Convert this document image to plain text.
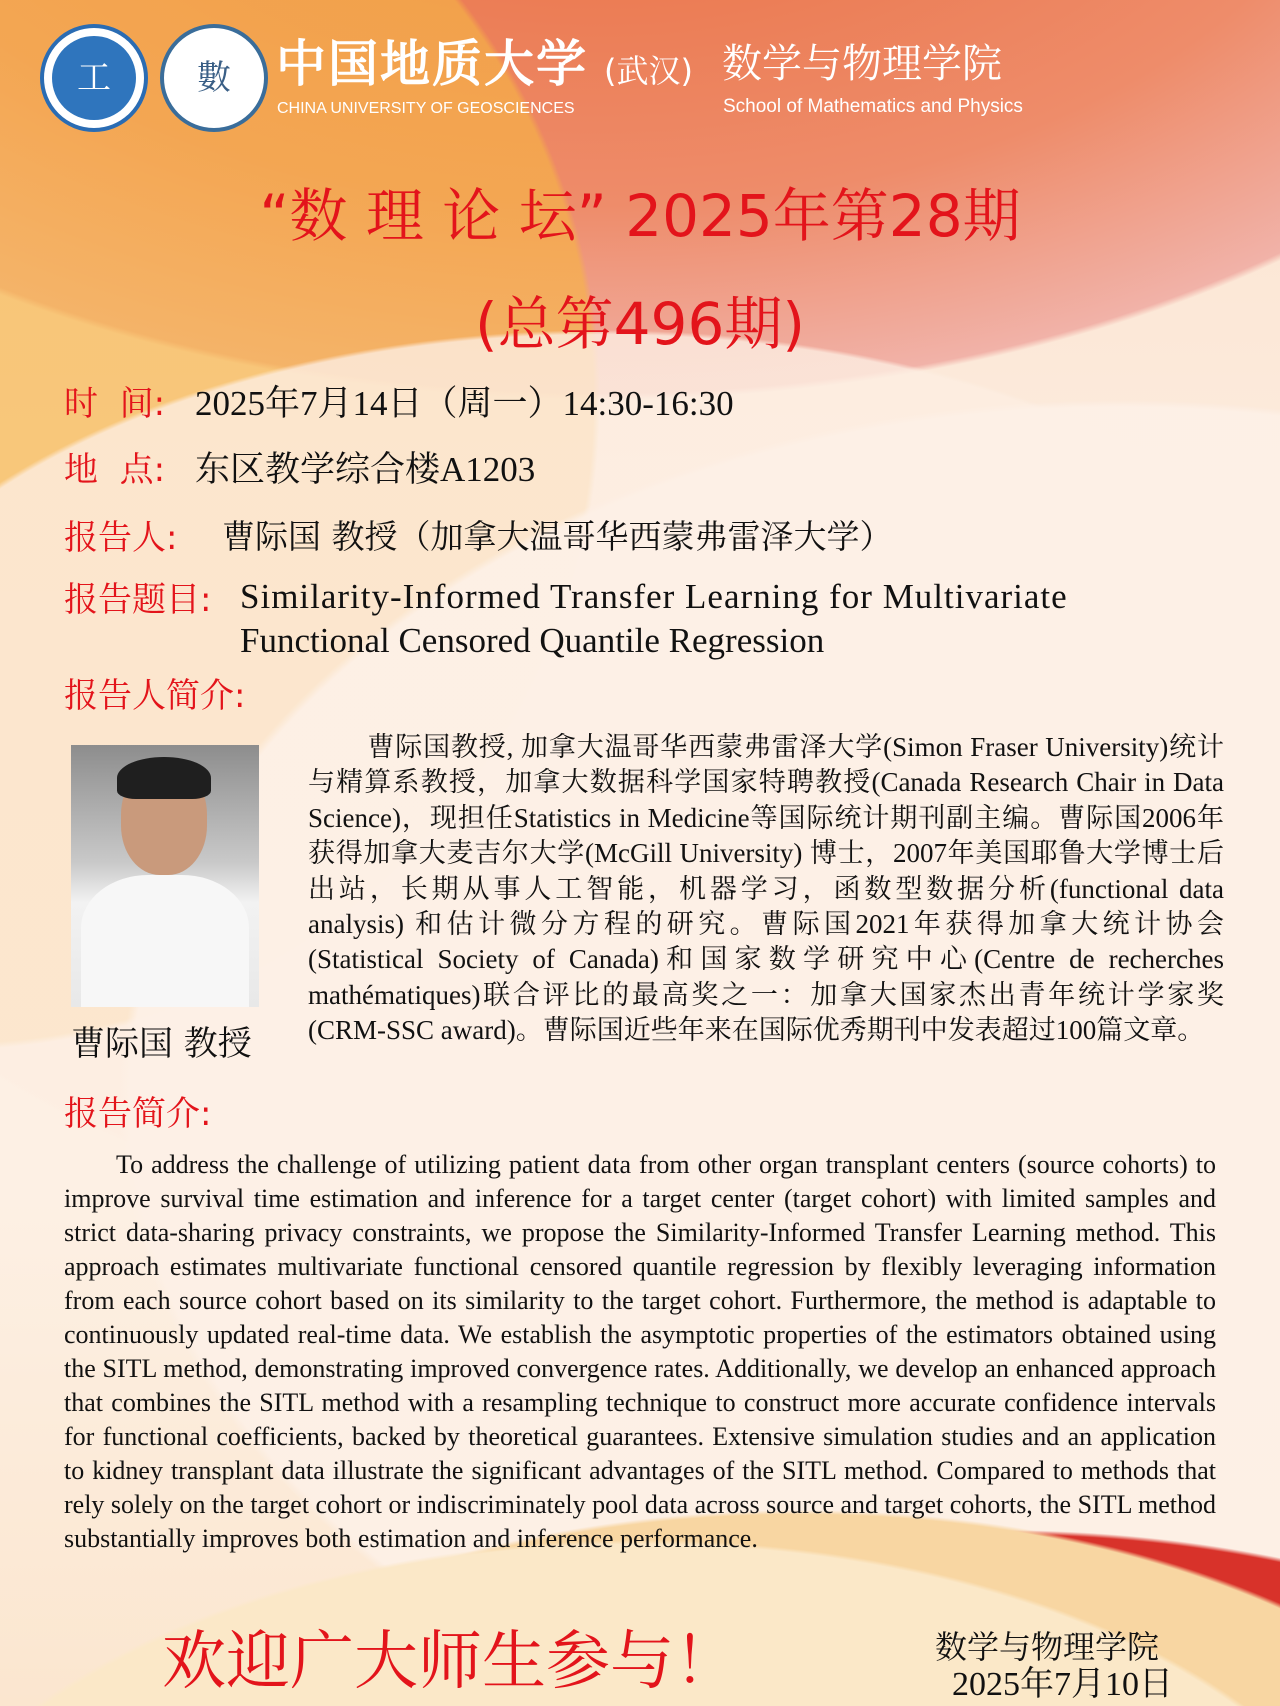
工	數 中国地质大学 (武汉)
CHINA UNIVERSITY OF GEOSCIENCES
数学与物理学院
School of Mathematics and Physics
“数 理 论 坛” 2025年第28期
(总第496期)
时  间: 2025年7月14日（周一）14:30-16:30
地  点: 东区教学综合楼A1203
报告人: 曹际国 教授（加拿大温哥华西蒙弗雷泽大学）
报告题目: Similarity-Informed Transfer Learning for Multivariate
Functional Censored Quantile Regression
报告人简介:
曹际国 教授
曹际国教授, 加拿大温哥华西蒙弗雷泽大学(Simon Fraser University)统计与精算系教授，加拿大数据科学国家特聘教授(Canada Research Chair in Data Science)，现担任Statistics in Medicine等国际统计期刊副主编。曹际国2006年获得加拿大麦吉尔大学(McGill University) 博士，2007年美国耶鲁大学博士后出站，长期从事人工智能，机器学习，函数型数据分析(functional data analysis) 和估计微分方程的研究。曹际国2021年获得加拿大统计协会(Statistical Society of Canada)和国家数学研究中心(Centre de recherches mathématiques)联合评比的最高奖之一：加拿大国家杰出青年统计学家奖(CRM-SSC award)。曹际国近些年来在国际优秀期刊中发表超过100篇文章。
报告简介:
To address the challenge of utilizing patient data from other organ transplant centers (source cohorts) to improve survival time estimation and inference for a target center (target cohort) with limited samples and strict data-sharing privacy constraints, we propose the Similarity-Informed Transfer Learning method. This approach estimates multivariate functional censored quantile regression by flexibly leveraging information from each source cohort based on its similarity to the target cohort. Furthermore, the method is adaptable to continuously updated real-time data. We establish the asymptotic properties of the estimators obtained using the SITL method, demonstrating improved convergence rates. Additionally, we develop an enhanced approach that combines the SITL method with a resampling technique to construct more accurate confidence intervals for functional coefficients, backed by theoretical guarantees. Extensive simulation studies and an application to kidney transplant data illustrate the significant advantages of the SITL method. Compared to methods that rely solely on the target cohort or indiscriminately pool data across source and target cohorts, the SITL method substantially improves both estimation and inference performance.
欢迎广大师生参与！	数学与物理学院
2025年7月10日
